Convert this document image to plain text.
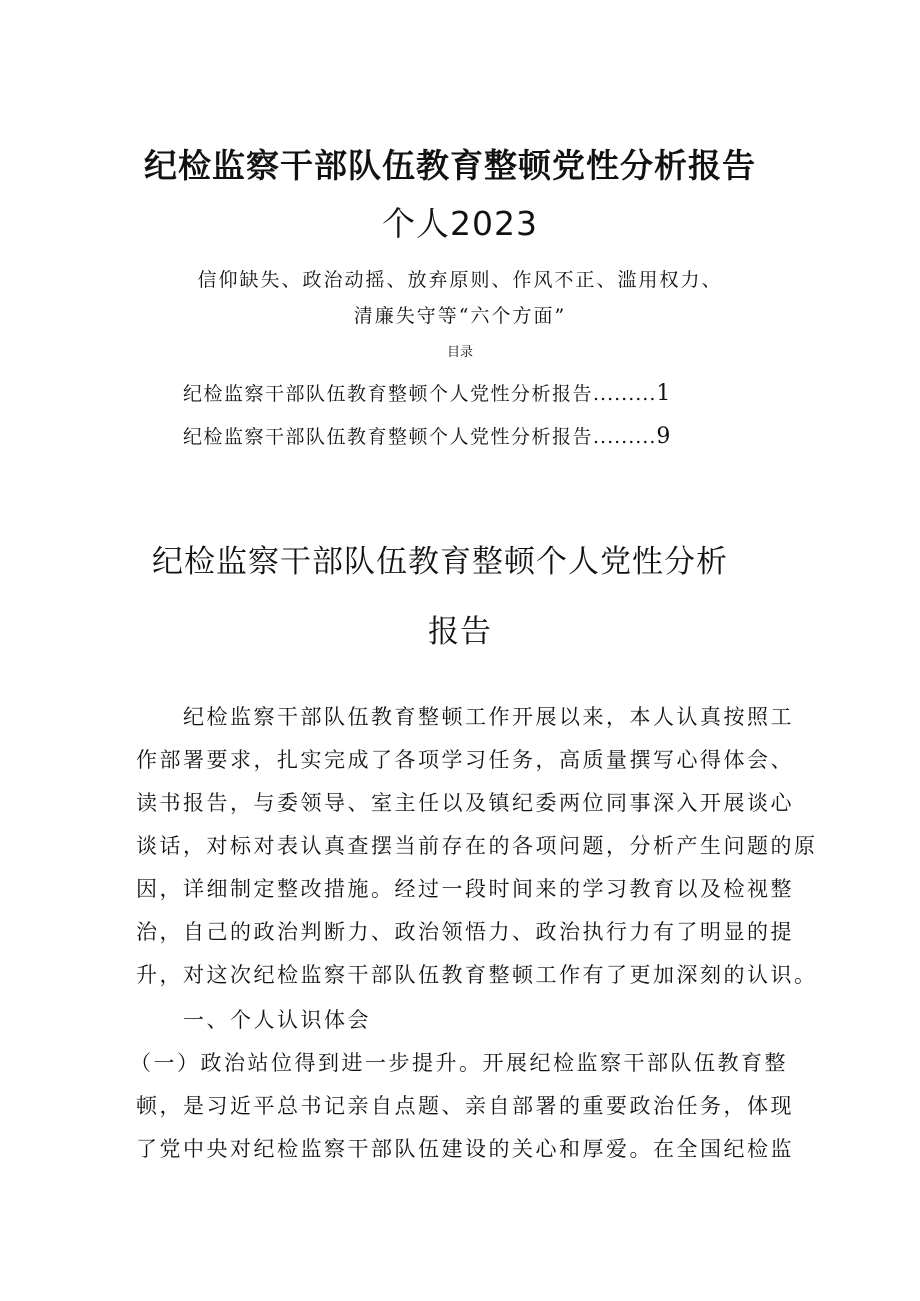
纪检监察干部队伍教育整顿党性分析报告
个人2023
信仰缺失、政治动摇、放弃原则、作风不正、滥用权力、
清廉失守等“六个方面”
目录
纪检监察干部队伍教育整顿个人党性分析报告.........1
纪检监察干部队伍教育整顿个人党性分析报告.........9
纪检监察干部队伍教育整顿个人党性分析
报告
纪检监察干部队伍教育整顿工作开展以来，本人认真按照工
作部署要求，扎实完成了各项学习任务，高质量撰写心得体会、
读书报告，与委领导、室主任以及镇纪委两位同事深入开展谈心
谈话，对标对表认真查摆当前存在的各项问题，分析产生问题的原
因，详细制定整改措施。经过一段时间来的学习教育以及检视整
治，自己的政治判断力、政治领悟力、政治执行力有了明显的提
升，对这次纪检监察干部队伍教育整顿工作有了更加深刻的认识。
一、个人认识体会
（一）政治站位得到进一步提升。开展纪检监察干部队伍教育整
顿，是习近平总书记亲自点题、亲自部署的重要政治任务，体现
了党中央对纪检监察干部队伍建设的关心和厚爱。在全国纪检监
